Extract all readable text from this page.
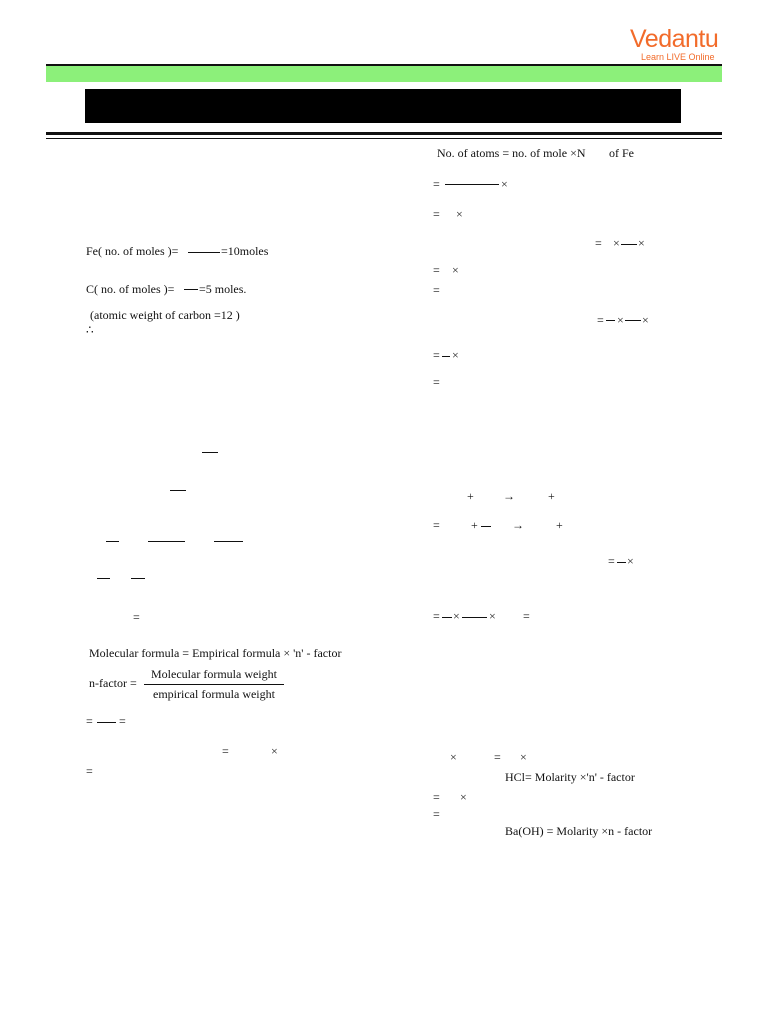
Vedantu
Learn LIVE Online
Fe( no. of moles )=	=10moles
C( no. of moles )= =5 moles.
(atomic weight of carbon =12 )
∴
=
Molecular formula = Empirical formula × 'n' - factor
n-factor =
Molecular formula weight
empirical formula weight
= =
=	×
=
No. of atoms = no. of mole ×N of Fe
=	×
= ×
= × ×
= ×
=
= × ×
= ×
=
+ →	+
=	+	→	+
= ×
= × × =
×	= ×
HCl= Molarity ×'n' - factor
= ×
=
Ba(OH) = Molarity ×n - factor
